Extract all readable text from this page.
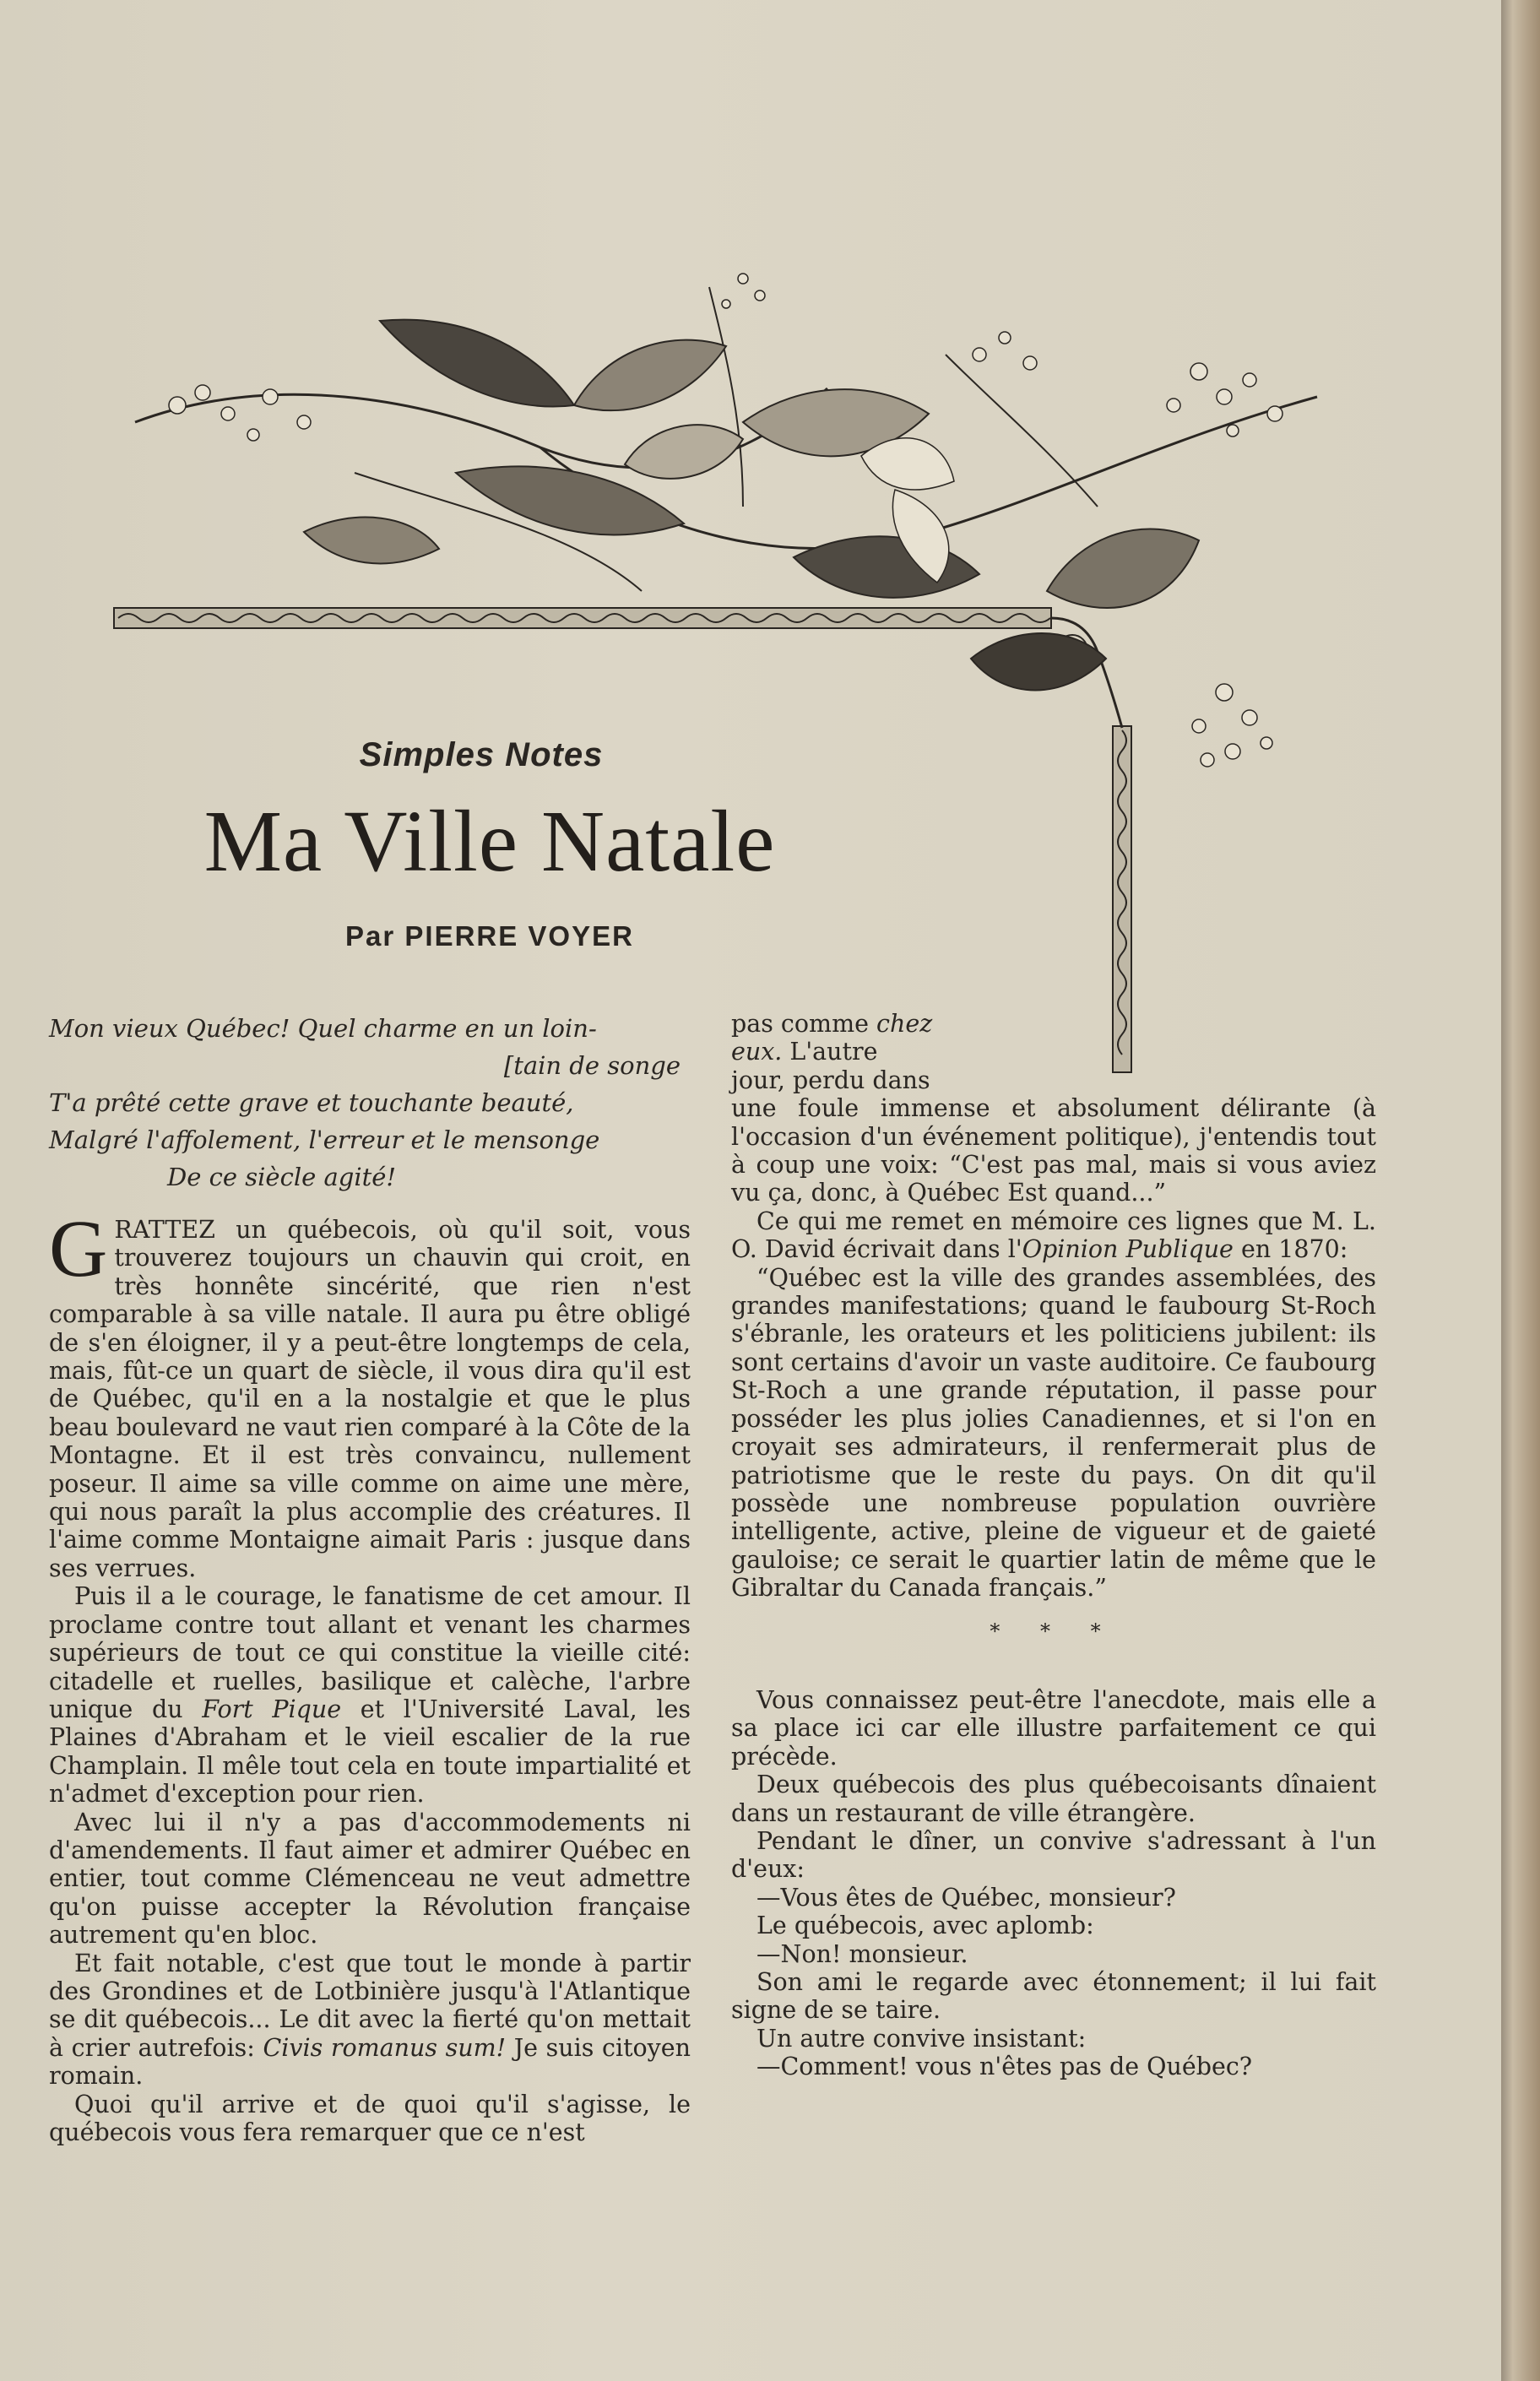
Simples Notes
Ma Ville Natale
Par PIERRE VOYER
Mon vieux Québec! Quel charme en un loin-
[tain de songe
T'a prêté cette grave et touchante beauté,
Malgré l'affolement, l'erreur et le mensonge
De ce siècle agité!

GRATTEZ un québecois, où qu'il soit, vous trouverez toujours un chauvin qui croit, en très honnête sincérité, que rien n'est comparable à sa ville natale. Il aura pu être obligé de s'en éloigner, il y a peut-être longtemps de cela, mais, fût-ce un quart de siècle, il vous dira qu'il est de Québec, qu'il en a la nostalgie et que le plus beau boulevard ne vaut rien comparé à la Côte de la Montagne. Et il est très convaincu, nullement poseur. Il aime sa ville comme on aime une mère, qui nous paraît la plus accomplie des créatures. Il l'aime comme Montaigne aimait Paris : jusque dans ses verrues.

Puis il a le courage, le fanatisme de cet amour. Il proclame contre tout allant et venant les charmes supérieurs de tout ce qui constitue la vieille cité: citadelle et ruelles, basilique et calèche, l'arbre unique du Fort Pique et l'Université Laval, les Plaines d'Abraham et le vieil escalier de la rue Champlain. Il mêle tout cela en toute impartialité et n'admet d'exception pour rien.

Avec lui il n'y a pas d'accommodements ni d'amendements. Il faut aimer et admirer Québec en entier, tout comme Clémenceau ne veut admettre qu'on puisse accepter la Révolution française autrement qu'en bloc.

Et fait notable, c'est que tout le monde à partir des Grondines et de Lotbinière jusqu'à l'Atlantique se dit québecois... Le dit avec la fierté qu'on mettait à crier autrefois: Civis romanus sum! Je suis citoyen romain.

Quoi qu'il arrive et de quoi qu'il s'agisse, le québecois vous fera remarquer que ce n'est

pas comme chez

eux. L'autre

jour, perdu dans

une foule immense et absolument délirante (à l'occasion d'un événement politique), j'entendis tout à coup une voix: “C'est pas mal, mais si vous aviez vu ça, donc, à Québec Est quand...”

Ce qui me remet en mémoire ces lignes que M. L. O. David écrivait dans l'Opinion Publique en 1870:

“Québec est la ville des grandes assemblées, des grandes manifestations; quand le faubourg St-Roch s'ébranle, les orateurs et les politiciens jubilent: ils sont certains d'avoir un vaste auditoire. Ce faubourg St-Roch a une grande réputation, il passe pour posséder les plus jolies Canadiennes, et si l'on en croyait ses admirateurs, il renfermerait plus de patriotisme que le reste du pays. On dit qu'il possède une nombreuse population ouvrière intelligente, active, pleine de vigueur et de gaieté gauloise; ce serait le quartier latin de même que le Gibraltar du Canada français.”

* * *

Vous connaissez peut-être l'anecdote, mais elle a sa place ici car elle illustre parfaitement ce qui précède.

Deux québecois des plus québecoisants dînaient dans un restaurant de ville étrangère.

Pendant le dîner, un convive s'adressant à l'un d'eux:

—Vous êtes de Québec, monsieur?

Le québecois, avec aplomb:

—Non! monsieur.

Son ami le regarde avec étonnement; il lui fait signe de se taire.

Un autre convive insistant:

—Comment! vous n'êtes pas de Québec?
